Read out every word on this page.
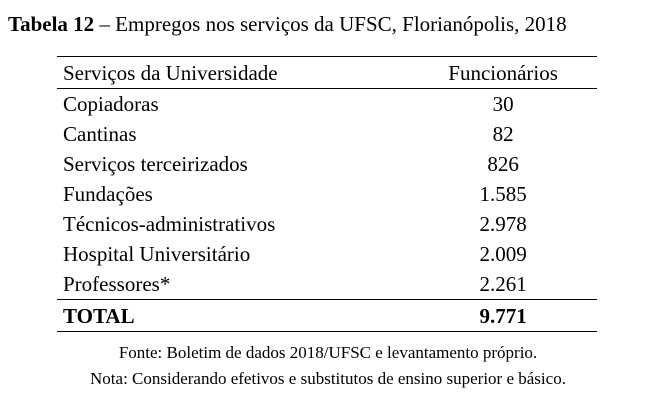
Tabela 12 – Empregos nos serviços da UFSC, Florianópolis, 2018
Serviços da Universidade	Funcionários
Copiadoras	30
Cantinas	82
Serviços terceirizados	826
Fundações	1.585
Técnicos-administrativos	2.978
Hospital Universitário	2.009
Professores*	2.261
TOTAL	9.771
Fonte: Boletim de dados 2018/UFSC e levantamento próprio.
Nota: Considerando efetivos e substitutos de ensino superior e básico.
